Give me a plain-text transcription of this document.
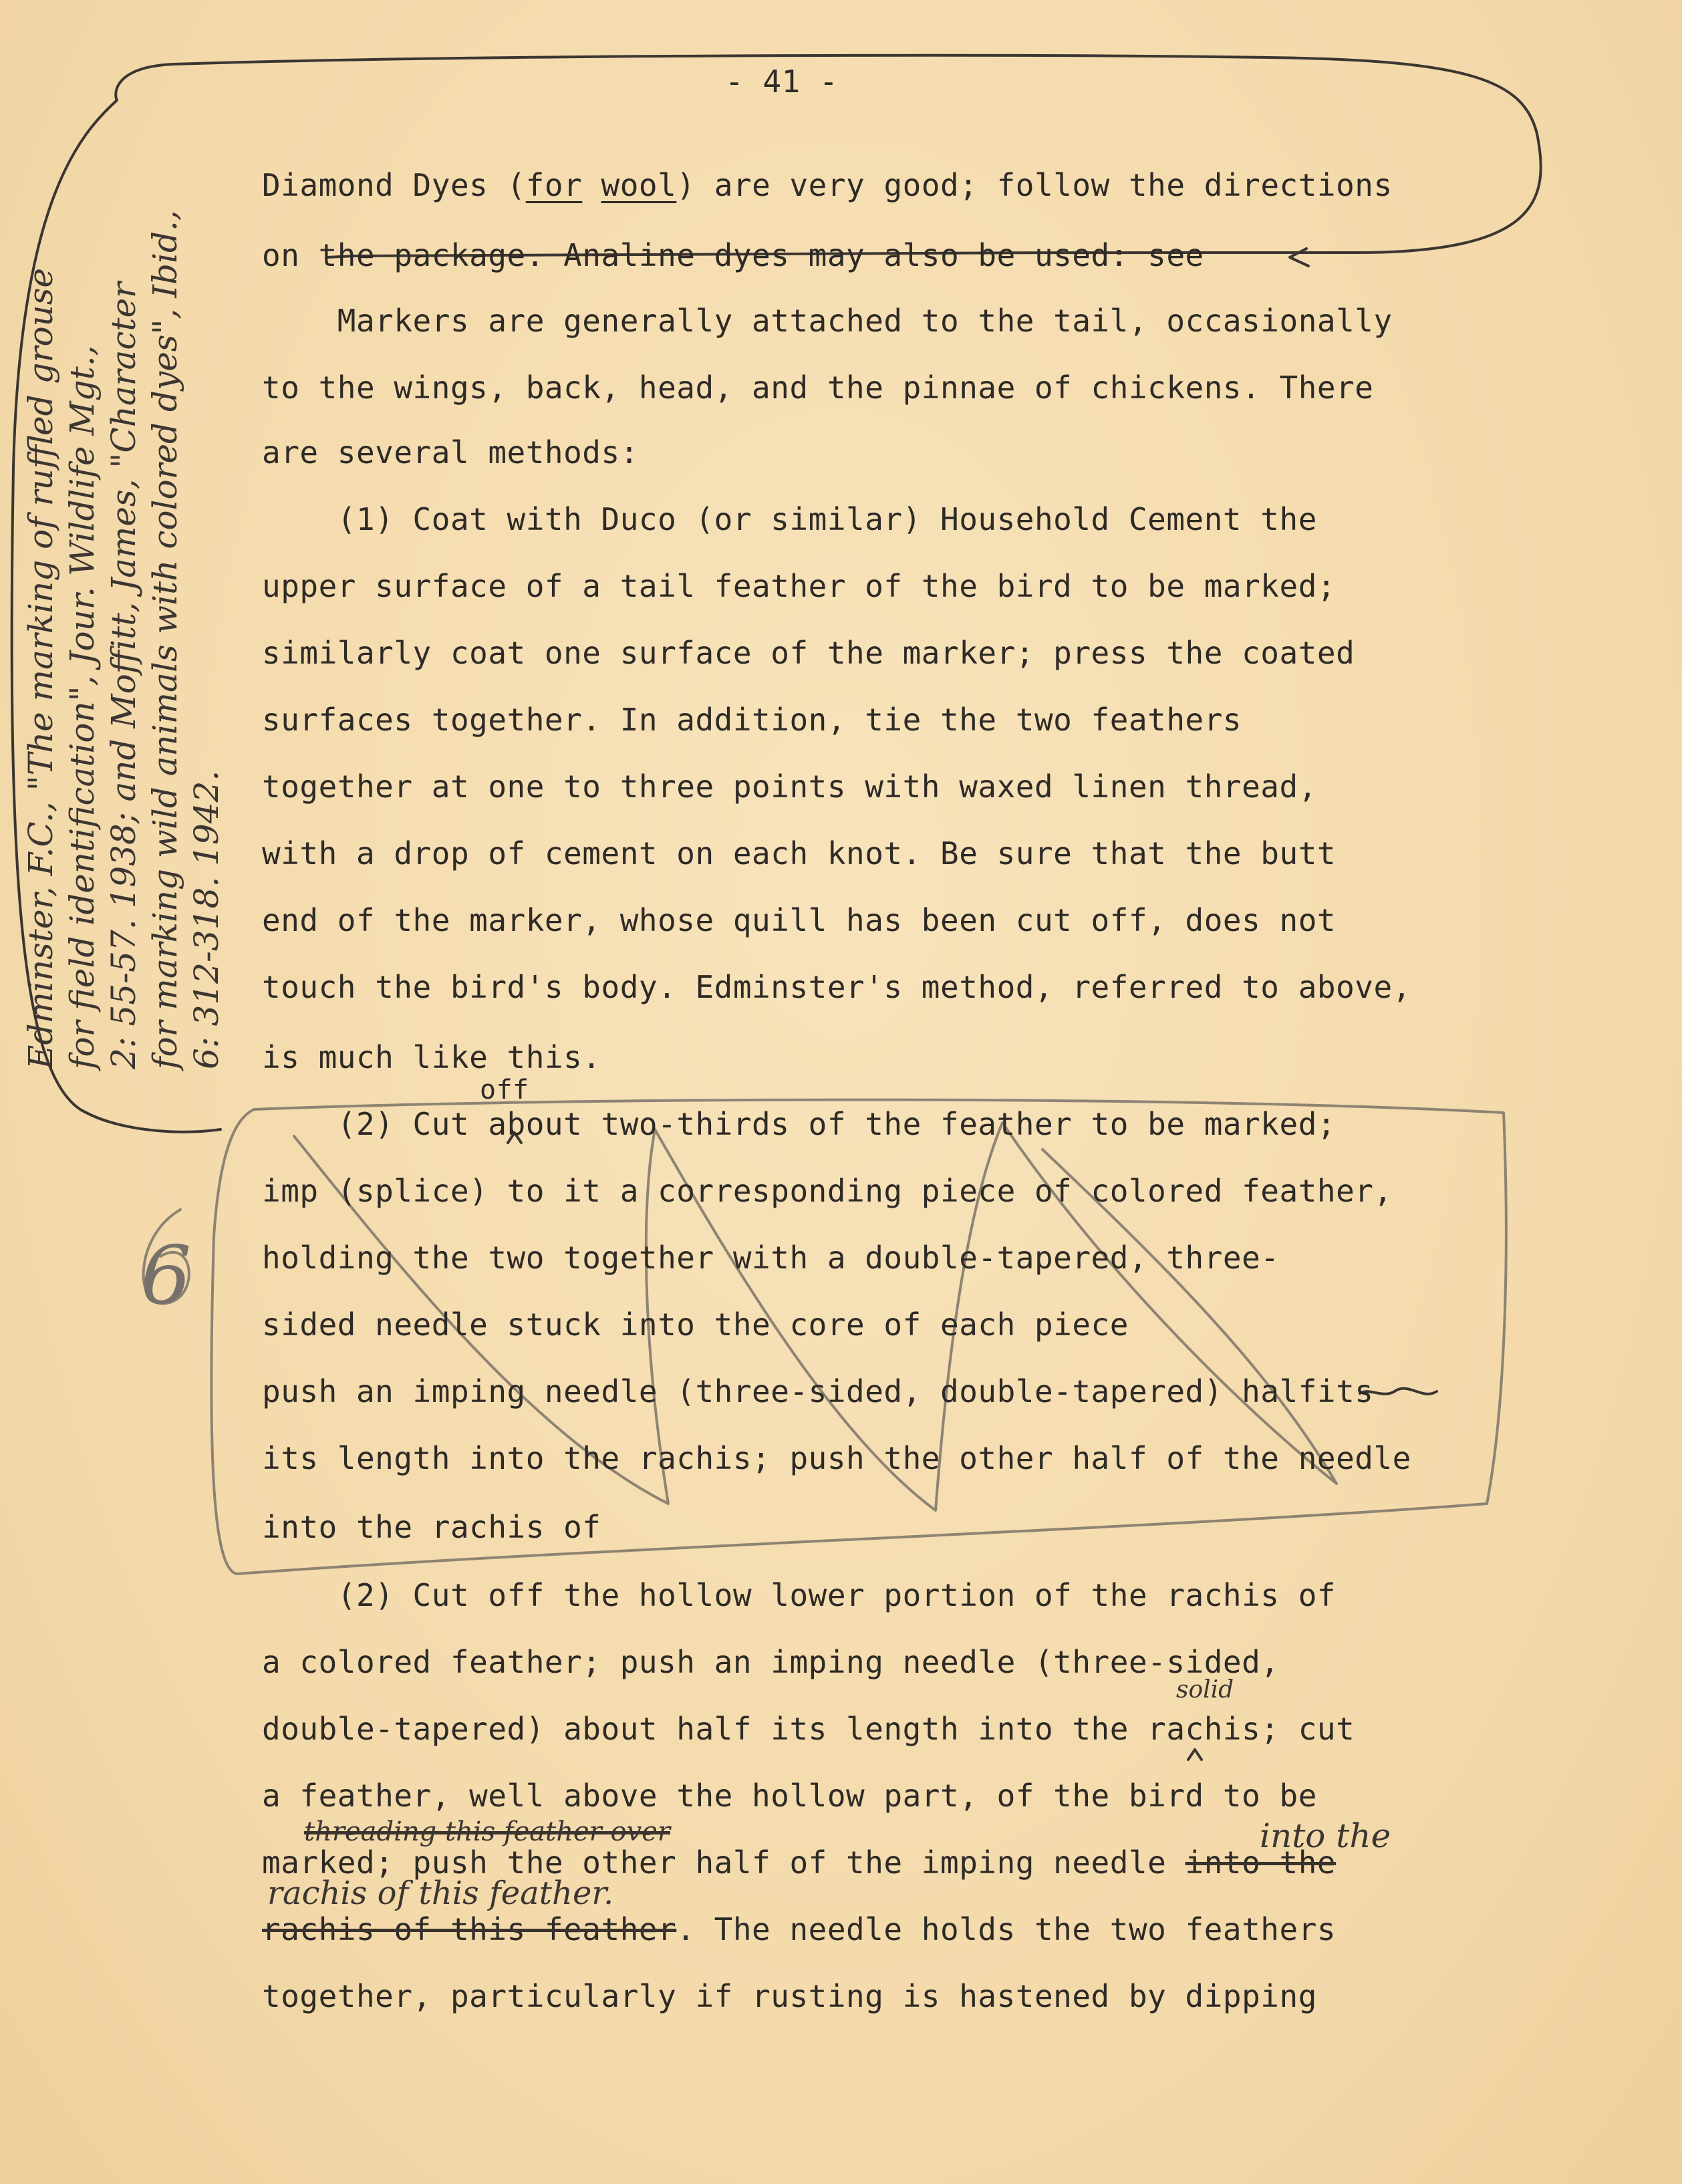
- 41 -

Diamond Dyes (for wool) are very good; follow the directions

on the package. Analine dyes may also be used: see

Markers are generally attached to the tail, occasionally

to the wings, back, head, and the pinnae of chickens. There

are several methods:

(1) Coat with Duco (or similar) Household Cement the

upper surface of a tail feather of the bird to be marked;

similarly coat one surface of the marker; press the coated

surfaces together. In addition, tie the two feathers

together at one to three points with waxed linen thread,

with a drop of cement on each knot. Be sure that the butt

end of the marker, whose quill has been cut off, does not

touch the bird's body. Edminster's method, referred to above,

is much like this.

off

(2) Cut about two-thirds of the feather to be marked;

imp (splice) to it a corresponding piece of colored feather,

holding the two together with a double-tapered, three-

sided needle stuck into the core of each piece

push an imping needle (three-sided, double-tapered) halfits

its length into the rachis; push the other half of the needle

into the rachis of

(2) Cut off the hollow lower portion of the rachis of

a colored feather; push an imping needle (three-sided,

solid

double-tapered) about half its length into the rachis; cut

a feather, well above the hollow part, of the bird to be

threading this feather over	into the

marked; push the other half of the imping needle into the

rachis of this feather.

rachis of this feather. The needle holds the two feathers

together, particularly if rusting is hastened by dipping

Edminster, F.C., "The marking of ruffled grouse for field identification", Jour. Wildlife Mgt., 2: 55-57. 1938; and Moffitt, James, "Character for marking wild animals with colored dyes", Ibid., 6: 312-318. 1942.

6
